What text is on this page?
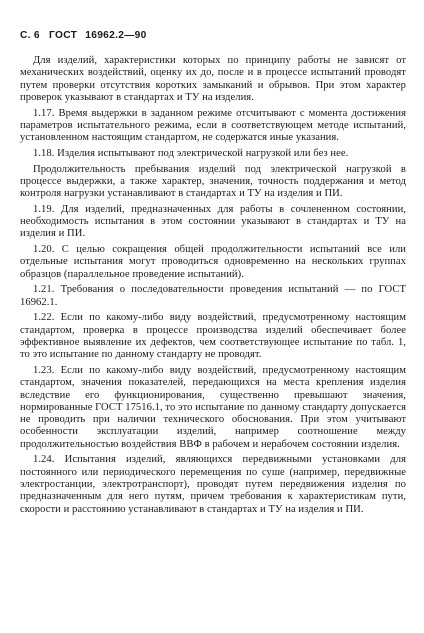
С. 6 ГОСТ 16962.2—90

Для изделий, характеристики которых по принципу работы не зависят от механических воздействий, оценку их до, после и в процессе испытаний проводят путем проверки отсутствия коротких замыканий и обрывов. При этом характер проверок указывают в стандартах и ТУ на изделия.

1.17. Время выдержки в заданном режиме отсчитывают с момента достижения параметров испытательного режима, если в соответствующем методе испытаний, установленном настоящим стандартом, не содержатся иные указания.

1.18. Изделия испытывают под электрической нагрузкой или без нее.

Продолжительность пребывания изделий под электрической нагрузкой в процессе выдержки, а также характер, значения, точность поддержания и метод контроля нагрузки устанавливают в стандартах и ТУ на изделия и ПИ.

1.19. Для изделий, предназначенных для работы в сочлененном состоянии, необходимость испытания в этом состоянии указывают в стандартах и ТУ на изделия и ПИ.

1.20. С целью сокращения общей продолжительности испытаний все или отдельные испытания могут проводиться одновременно на нескольких группах образцов (параллельное проведение испытаний).

1.21. Требования о последовательности проведения испытаний — по ГОСТ 16962.1.

1.22. Если по какому-либо виду воздействий, предусмотренному настоящим стандартом, проверка в процессе производства изделий обеспечивает более эффективное выявление их дефектов, чем соответствующее испытание по табл. 1, то это испытание по данному стандарту не проводят.

1.23. Если по какому-либо виду воздействий, предусмотренному настоящим стандартом, значения показателей, передающихся на места крепления изделия вследствие его функционирования, существенно превышают значения, нормированные ГОСТ 17516.1, то это испытание по данному стандарту допускается не проводить при наличии технического обоснования. При этом учитывают особенности эксплуатации изделий, например соотношение между продолжительностью воздействия ВВФ в рабочем и нерабочем состоянии изделия.

1.24. Испытания изделий, являющихся передвижными установками для постоянного или периодического перемещения по суше (например, передвижные электростанции, электротранспорт), проводят путем передвижения изделия по предназначенным для него путям, причем требования к характеристикам пути, скорости и расстоянию устанавливают в стандартах и ТУ на изделия и ПИ.
